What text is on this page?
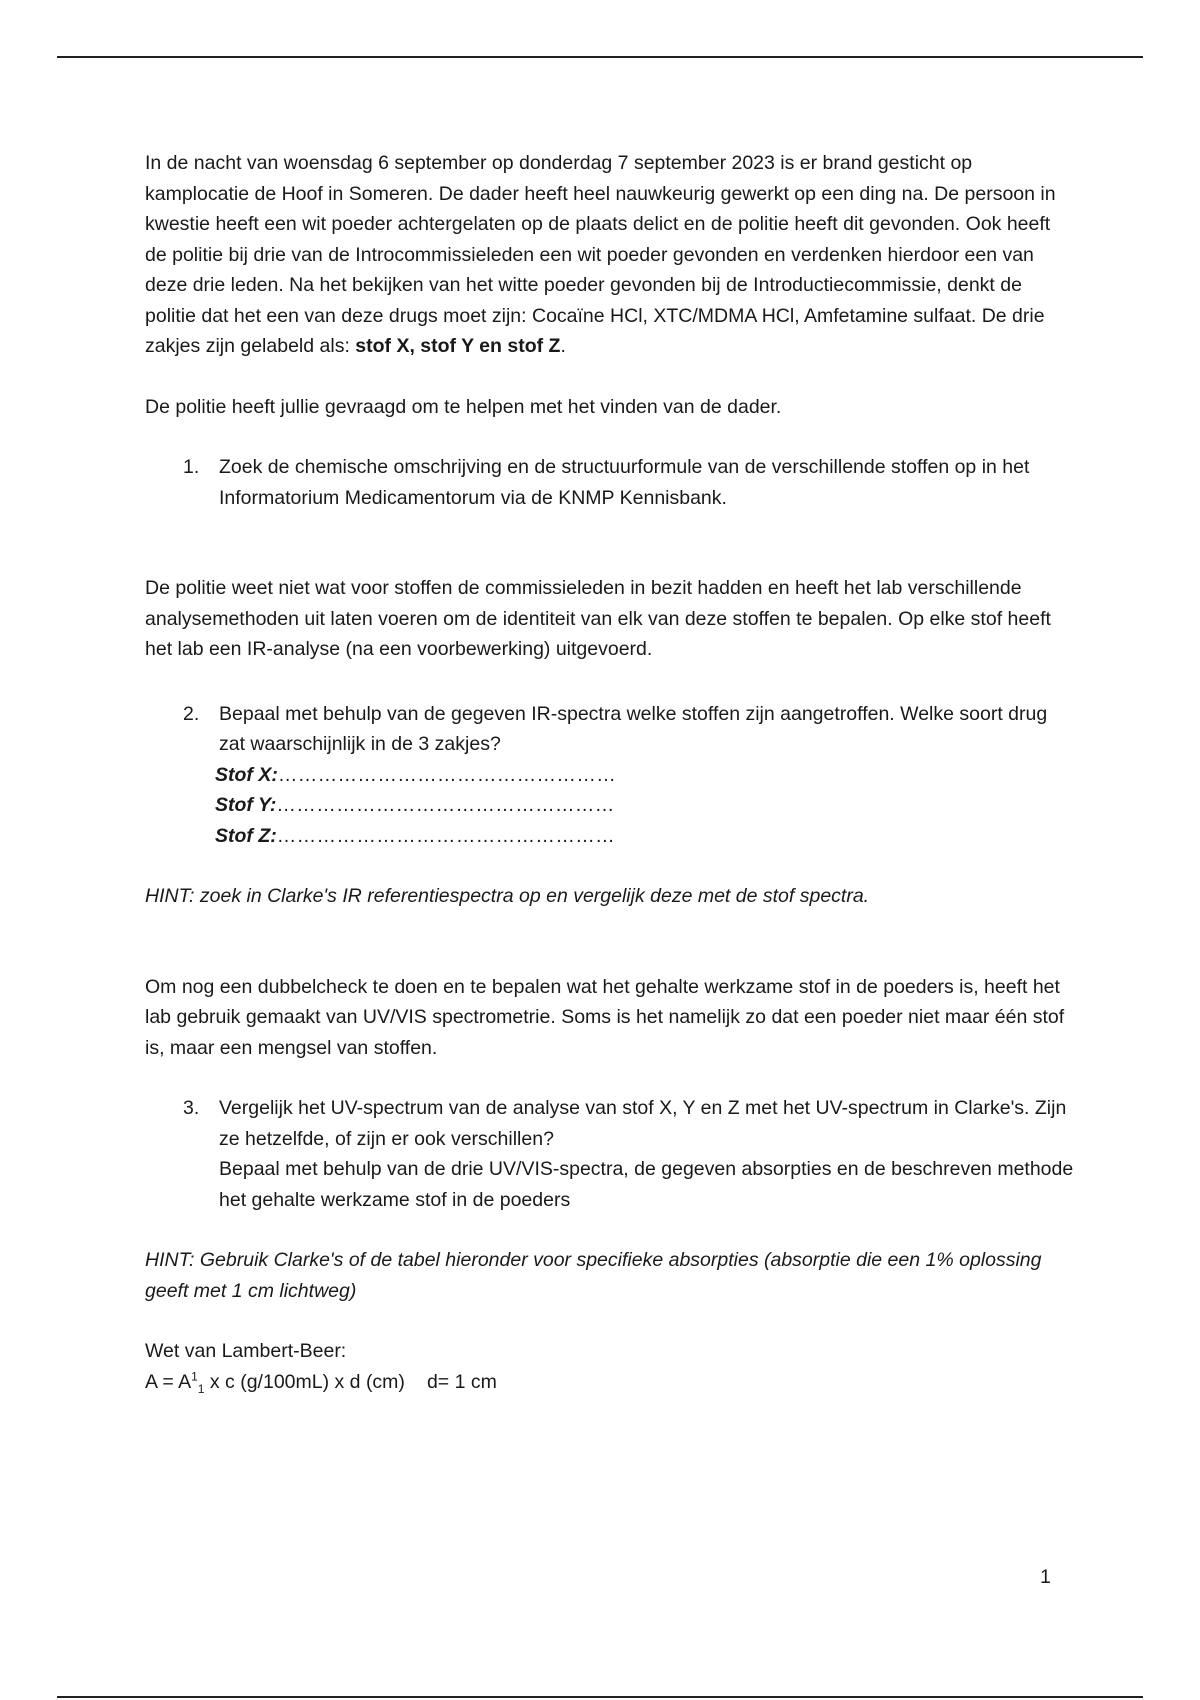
In de nacht van woensdag 6 september op donderdag 7 september 2023 is er brand gesticht op kamplocatie de Hoof in Someren. De dader heeft heel nauwkeurig gewerkt op een ding na. De persoon in kwestie heeft een wit poeder achtergelaten op de plaats delict en de politie heeft dit gevonden. Ook heeft de politie bij drie van de Introcommissieleden een wit poeder gevonden en verdenken hierdoor een van deze drie leden. Na het bekijken van het witte poeder gevonden bij de Introductiecommissie, denkt de politie dat het een van deze drugs moet zijn: Cocaïne HCl, XTC/MDMA HCl, Amfetamine sulfaat. De drie zakjes zijn gelabeld als: stof X, stof Y en stof Z.

De politie heeft jullie gevraagd om te helpen met het vinden van de dader.

1. Zoek de chemische omschrijving en de structuurformule van de verschillende stoffen op in het Informatorium Medicamentorum via de KNMP Kennisbank.

De politie weet niet wat voor stoffen de commissieleden in bezit hadden en heeft het lab verschillende analysemethoden uit laten voeren om de identiteit van elk van deze stoffen te bepalen. Op elke stof heeft het lab een IR-analyse (na een voorbewerking) uitgevoerd.

2. Bepaal met behulp van de gegeven IR-spectra welke stoffen zijn aangetroffen. Welke soort drug zat waarschijnlijk in de 3 zakjes?

Stof X:……………………………………………
Stof Y:……………………………………………
Stof Z:……………………………………………

HINT: zoek in Clarke's IR referentiespectra op en vergelijk deze met de stof spectra.

Om nog een dubbelcheck te doen en te bepalen wat het gehalte werkzame stof in de poeders is, heeft het lab gebruik gemaakt van UV/VIS spectrometrie. Soms is het namelijk zo dat een poeder niet maar één stof is, maar een mengsel van stoffen.

3. Vergelijk het UV-spectrum van de analyse van stof X, Y en Z met het UV-spectrum in Clarke's. Zijn ze hetzelfde, of zijn er ook verschillen?

Bepaal met behulp van de drie UV/VIS-spectra, de gegeven absorpties en de beschreven methode het gehalte werkzame stof in de poeders

HINT: Gebruik Clarke's of de tabel hieronder voor specifieke absorpties (absorptie die een 1% oplossing geeft met 1 cm lichtweg)

Wet van Lambert-Beer:

$A = A^1_1$ x c (g/100mL) x d (cm) d= 1 cm

1
